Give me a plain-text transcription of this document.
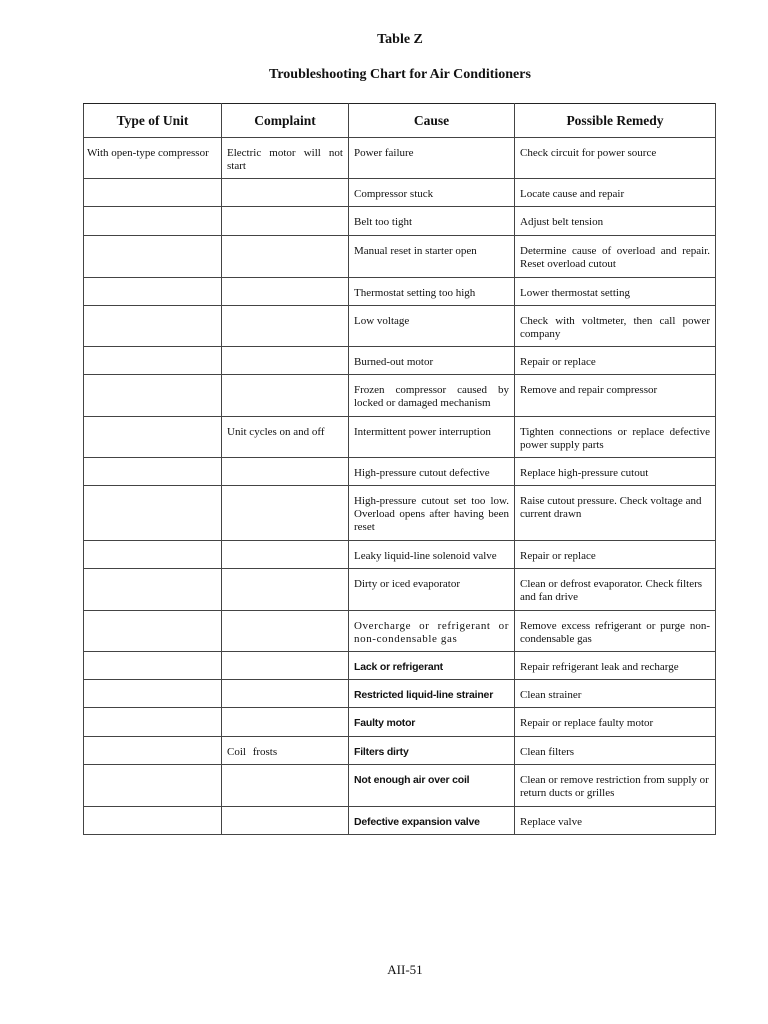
Table Z
Troubleshooting Chart for Air Conditioners
Type of Unit	Complaint	Cause	Possible Remedy
With open-type compressor	Electric motor will not start	Power failure	Check circuit for power source
		Compressor stuck	Locate cause and repair
		Belt too tight	Adjust belt tension
		Manual reset in starter open	Determine cause of overload and repair. Reset overload cutout
		Thermostat setting too high	Lower thermostat setting
		Low voltage	Check with voltmeter, then call power company
		Burned-out motor	Repair or replace
		Frozen compressor caused by locked or damaged mechanism	Remove and repair compressor
	Unit cycles on and off	Intermittent power interruption	Tighten connections or replace defective power supply parts
		High-pressure cutout defective	Replace high-pressure cutout
		High-pressure cutout set too low. Overload opens after having been reset	Raise cutout pressure. Check voltage and current drawn
		Leaky liquid-line solenoid valve	Repair or replace
		Dirty or iced evaporator	Clean or defrost evaporator. Check filters and fan drive
		Overcharge or refrigerant or non-condensable gas	Remove excess refrigerant or purge non-condensable gas
		Lack or refrigerant	Repair refrigerant leak and recharge
		Restricted liquid-line strainer	Clean strainer
		Faulty motor	Repair or replace faulty motor
	Coil frosts	Filters dirty	Clean filters
		Not enough air over coil	Clean or remove restriction from supply or return ducts or grilles
		Defective expansion valve	Replace valve
AII-51
